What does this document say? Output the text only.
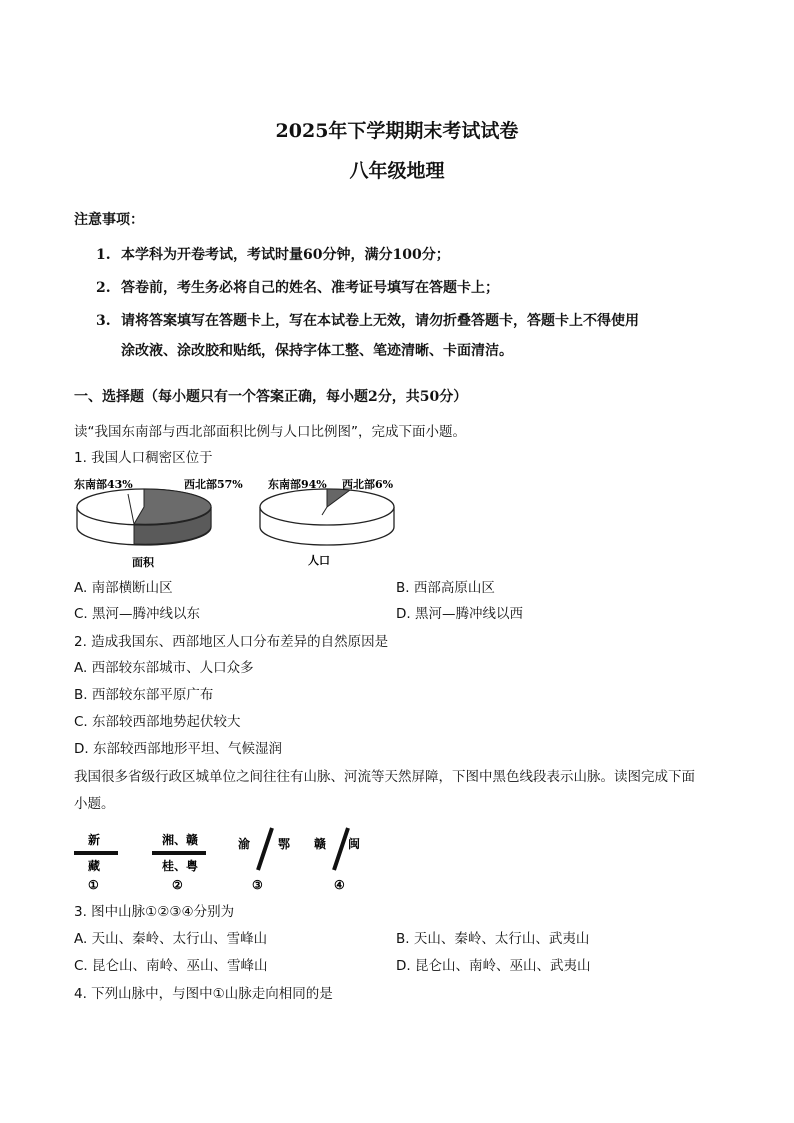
2025年下学期期末考试试卷
八年级地理
注意事项：
1. 本学科为开卷考试，考试时量60分钟，满分100分；
2. 答卷前，考生务必将自己的姓名、准考证号填写在答题卡上；
3. 请将答案填写在答题卡上，写在本试卷上无效，请勿折叠答题卡，答题卡上不得使用
涂改液、涂改胶和贴纸，保持字体工整、笔迹清晰、卡面清洁。
一、选择题（每小题只有一个答案正确，每小题2分，共50分）
读“我国东南部与西北部面积比例与人口比例图”，完成下面小题。
1. 我国人口稠密区位于
东南部43%	西北部57%
面积
东南部94% 西北部6%
人口
A. 南部横断山区	B. 西部高原山区
C. 黑河—腾冲线以东	D. 黑河—腾冲线以西
2. 造成我国东、西部地区人口分布差异的自然原因是
A. 西部较东部城市、人口众多
B. 西部较东部平原广布
C. 东部较西部地势起伏较大
D. 东部较西部地形平坦、气候湿润
我国很多省级行政区城单位之间往往有山脉、河流等天然屏障，下图中黑色线段表示山脉。读图完成下面
小题。
新
藏
①
湘、赣
桂、粤
②
渝 鄂
③
赣 闽
④
3. 图中山脉①②③④分别为
A. 天山、秦岭、太行山、雪峰山	B. 天山、秦岭、太行山、武夷山
C. 昆仑山、南岭、巫山、雪峰山	D. 昆仑山、南岭、巫山、武夷山
4. 下列山脉中，与图中①山脉走向相同的是
